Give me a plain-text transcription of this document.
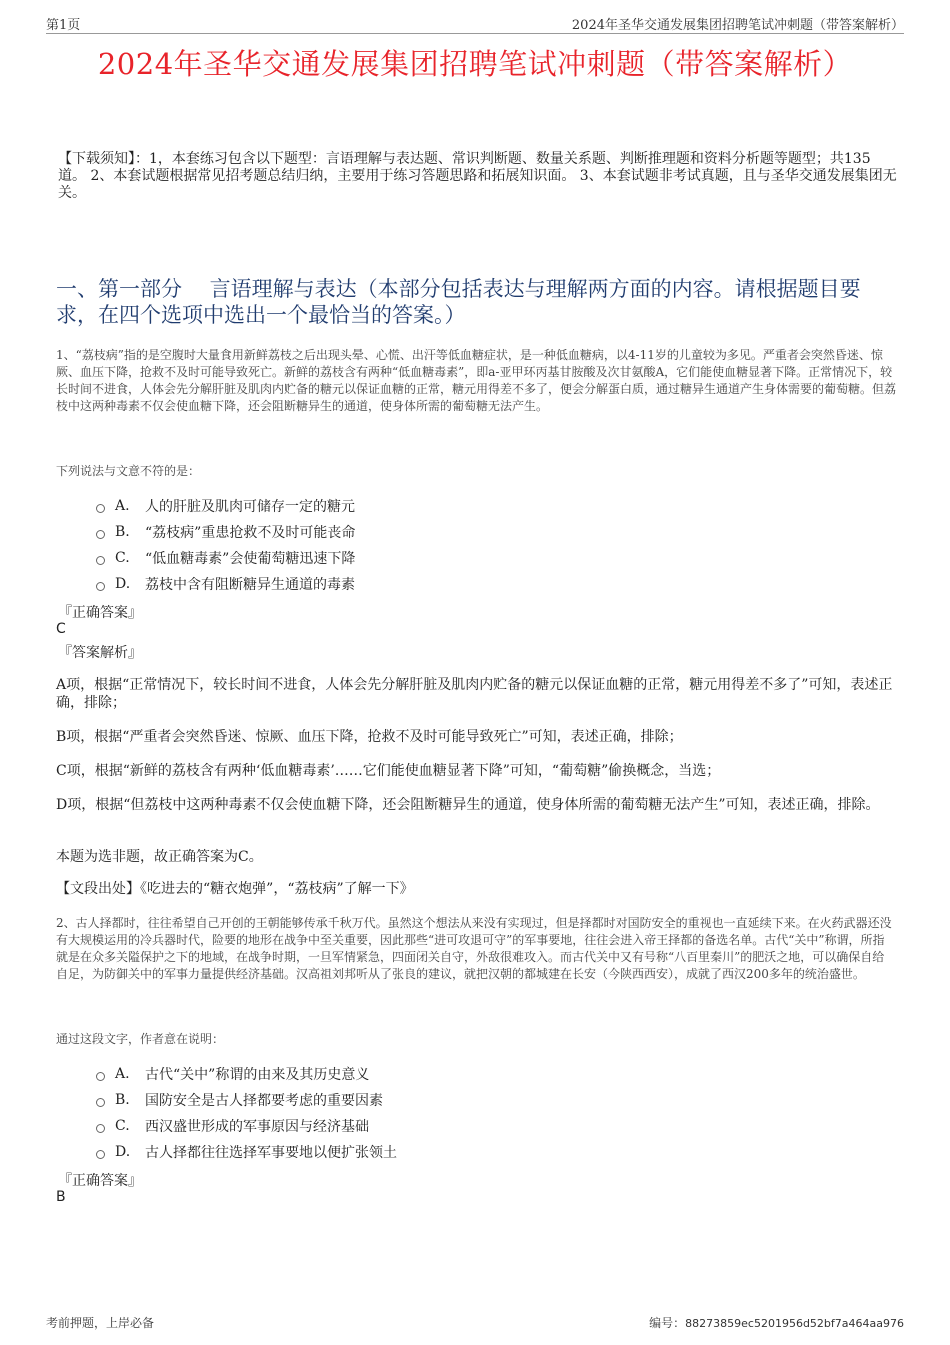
第1页	2024年圣华交通发展集团招聘笔试冲刺题（带答案解析）
2024年圣华交通发展集团招聘笔试冲刺题（带答案解析）
【下载须知】：1，本套练习包含以下题型：言语理解与表达题、常识判断题、数量关系题、判断推理题和资料分析题等题型；共135道。 2、本套试题根据常见招考题总结归纳，主要用于练习答题思路和拓展知识面。 3、本套试题非考试真题，且与圣华交通发展集团无关。
一、第一部分　 言语理解与表达（本部分包括表达与理解两方面的内容。请根据题目要求，在四个选项中选出一个最恰当的答案。）
1、“荔枝病”指的是空腹时大量食用新鲜荔枝之后出现头晕、心慌、出汗等低血糖症状，是一种低血糖病，以4-11岁的儿童较为多见。严重者会突然昏迷、惊厥、血压下降，抢救不及时可能导致死亡。新鲜的荔枝含有两种“低血糖毒素”，即a-亚甲环丙基甘胺酸及次甘氨酸A，它们能使血糖显著下降。正常情况下，较长时间不进食，人体会先分解肝脏及肌肉内贮备的糖元以保证血糖的正常，糖元用得差不多了，便会分解蛋白质，通过糖异生通道产生身体需要的葡萄糖。但荔枝中这两种毒素不仅会使血糖下降，还会阻断糖异生的通道，使身体所需的葡萄糖无法产生。
下列说法与文意不符的是：
A.	人的肝脏及肌肉可储存一定的糖元
B.	“荔枝病”重患抢救不及时可能丧命
C.	“低血糖毒素”会使葡萄糖迅速下降
D.	荔枝中含有阻断糖异生通道的毒素
『正确答案』
C
『答案解析』
A项，根据“正常情况下，较长时间不进食，人体会先分解肝脏及肌肉内贮备的糖元以保证血糖的正常，糖元用得差不多了”可知，表述正确，排除；
B项，根据“严重者会突然昏迷、惊厥、血压下降，抢救不及时可能导致死亡”可知，表述正确，排除；
C项，根据“新鲜的荔枝含有两种‘低血糖毒素’……它们能使血糖显著下降”可知，“葡萄糖”偷换概念，当选；
D项，根据“但荔枝中这两种毒素不仅会使血糖下降，还会阻断糖异生的通道，使身体所需的葡萄糖无法产生”可知，表述正确，排除。
本题为选非题，故正确答案为C。
【文段出处】《吃进去的“糖衣炮弹”，“荔枝病”了解一下》
2、古人择都时，往往希望自己开创的王朝能够传承千秋万代。虽然这个想法从来没有实现过，但是择都时对国防安全的重视也一直延续下来。在火药武器还没有大规模运用的冷兵器时代，险要的地形在战争中至关重要，因此那些“进可攻退可守”的军事要地，往往会进入帝王择都的备选名单。古代“关中”称谓，所指就是在众多关隘保护之下的地域，在战争时期，一旦军情紧急，四面闭关自守，外敌很难攻入。而古代关中又有号称“八百里秦川”的肥沃之地，可以确保自给自足，为防御关中的军事力量提供经济基础。汉高祖刘邦听从了张良的建议，就把汉朝的都城建在长安（今陕西西安），成就了西汉200多年的统治盛世。
通过这段文字，作者意在说明：
A.	古代“关中”称谓的由来及其历史意义
B.	国防安全是古人择都要考虑的重要因素
C.	西汉盛世形成的军事原因与经济基础
D.	古人择都往往选择军事要地以便扩张领土
『正确答案』
B
考前押题，上岸必备	编号：88273859ec5201956d52bf7a464aa976
